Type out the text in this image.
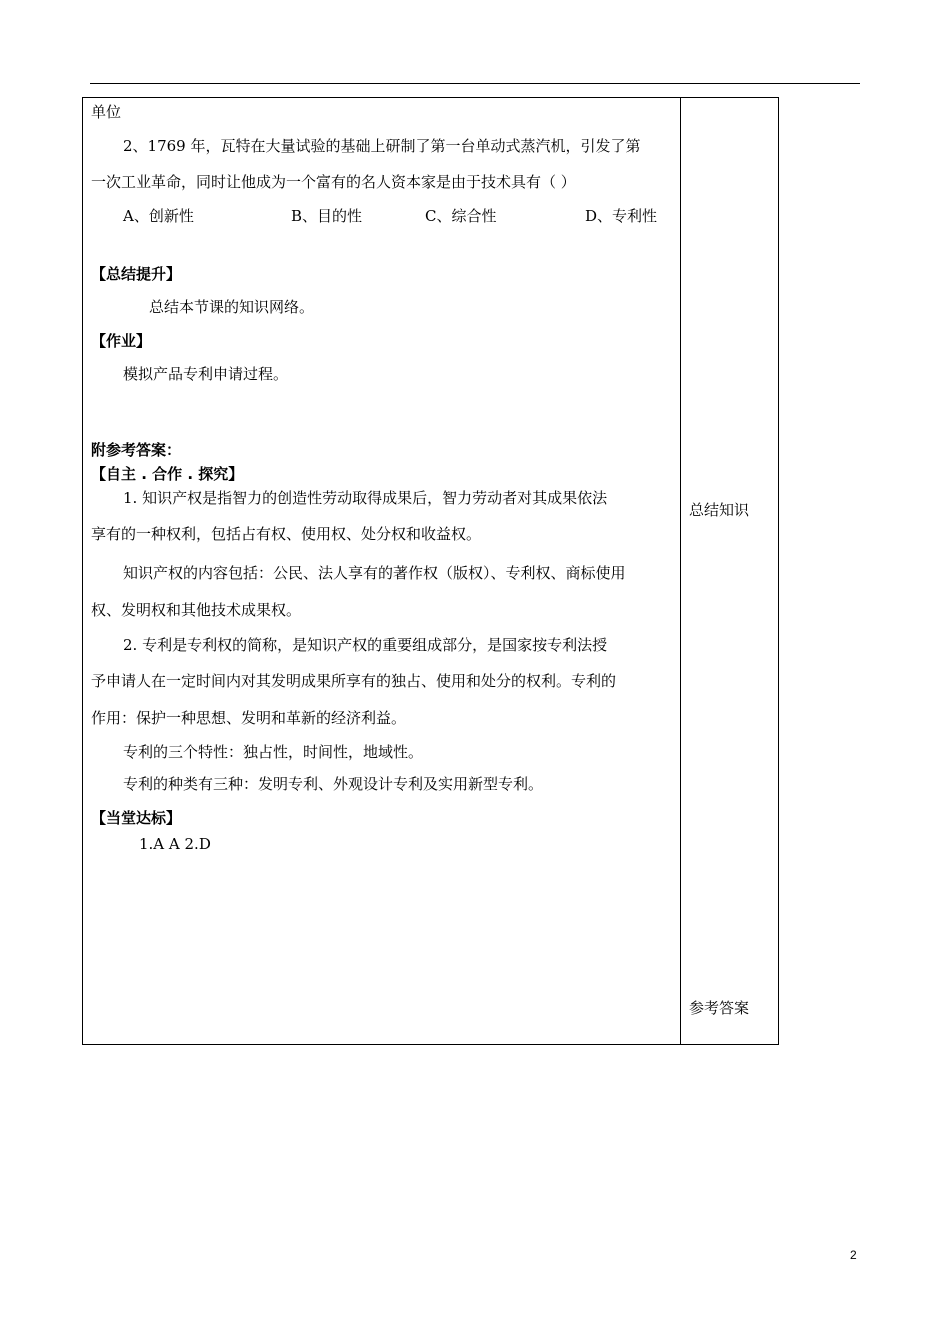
单位
2、1769 年，瓦特在大量试验的基础上研制了第一台单动式蒸汽机，引发了第
一次工业革命，同时让他成为一个富有的名人资本家是由于技术具有（ ）
A、创新性	B、目的性	C、综合性	D、专利性
【总结提升】
总结本节课的知识网络。
【作业】
模拟产品专利申请过程。
附参考答案：
【自主 . 合作 . 探究】
1. 知识产权是指智力的创造性劳动取得成果后，智力劳动者对其成果依法
享有的一种权利，包括占有权、使用权、处分权和收益权。
知识产权的内容包括：公民、法人享有的著作权（版权）、专利权、商标使用
权、发明权和其他技术成果权。
2. 专利是专利权的简称，是知识产权的重要组成部分，是国家按专利法授
予申请人在一定时间内对其发明成果所享有的独占、使用和处分的权利。专利的
作用：保护一种思想、发明和革新的经济利益。
专利的三个特性：独占性，时间性，地域性。
专利的种类有三种：发明专利、外观设计专利及实用新型专利。
【当堂达标】
1.A A 2.D
总结知识
参考答案
2
